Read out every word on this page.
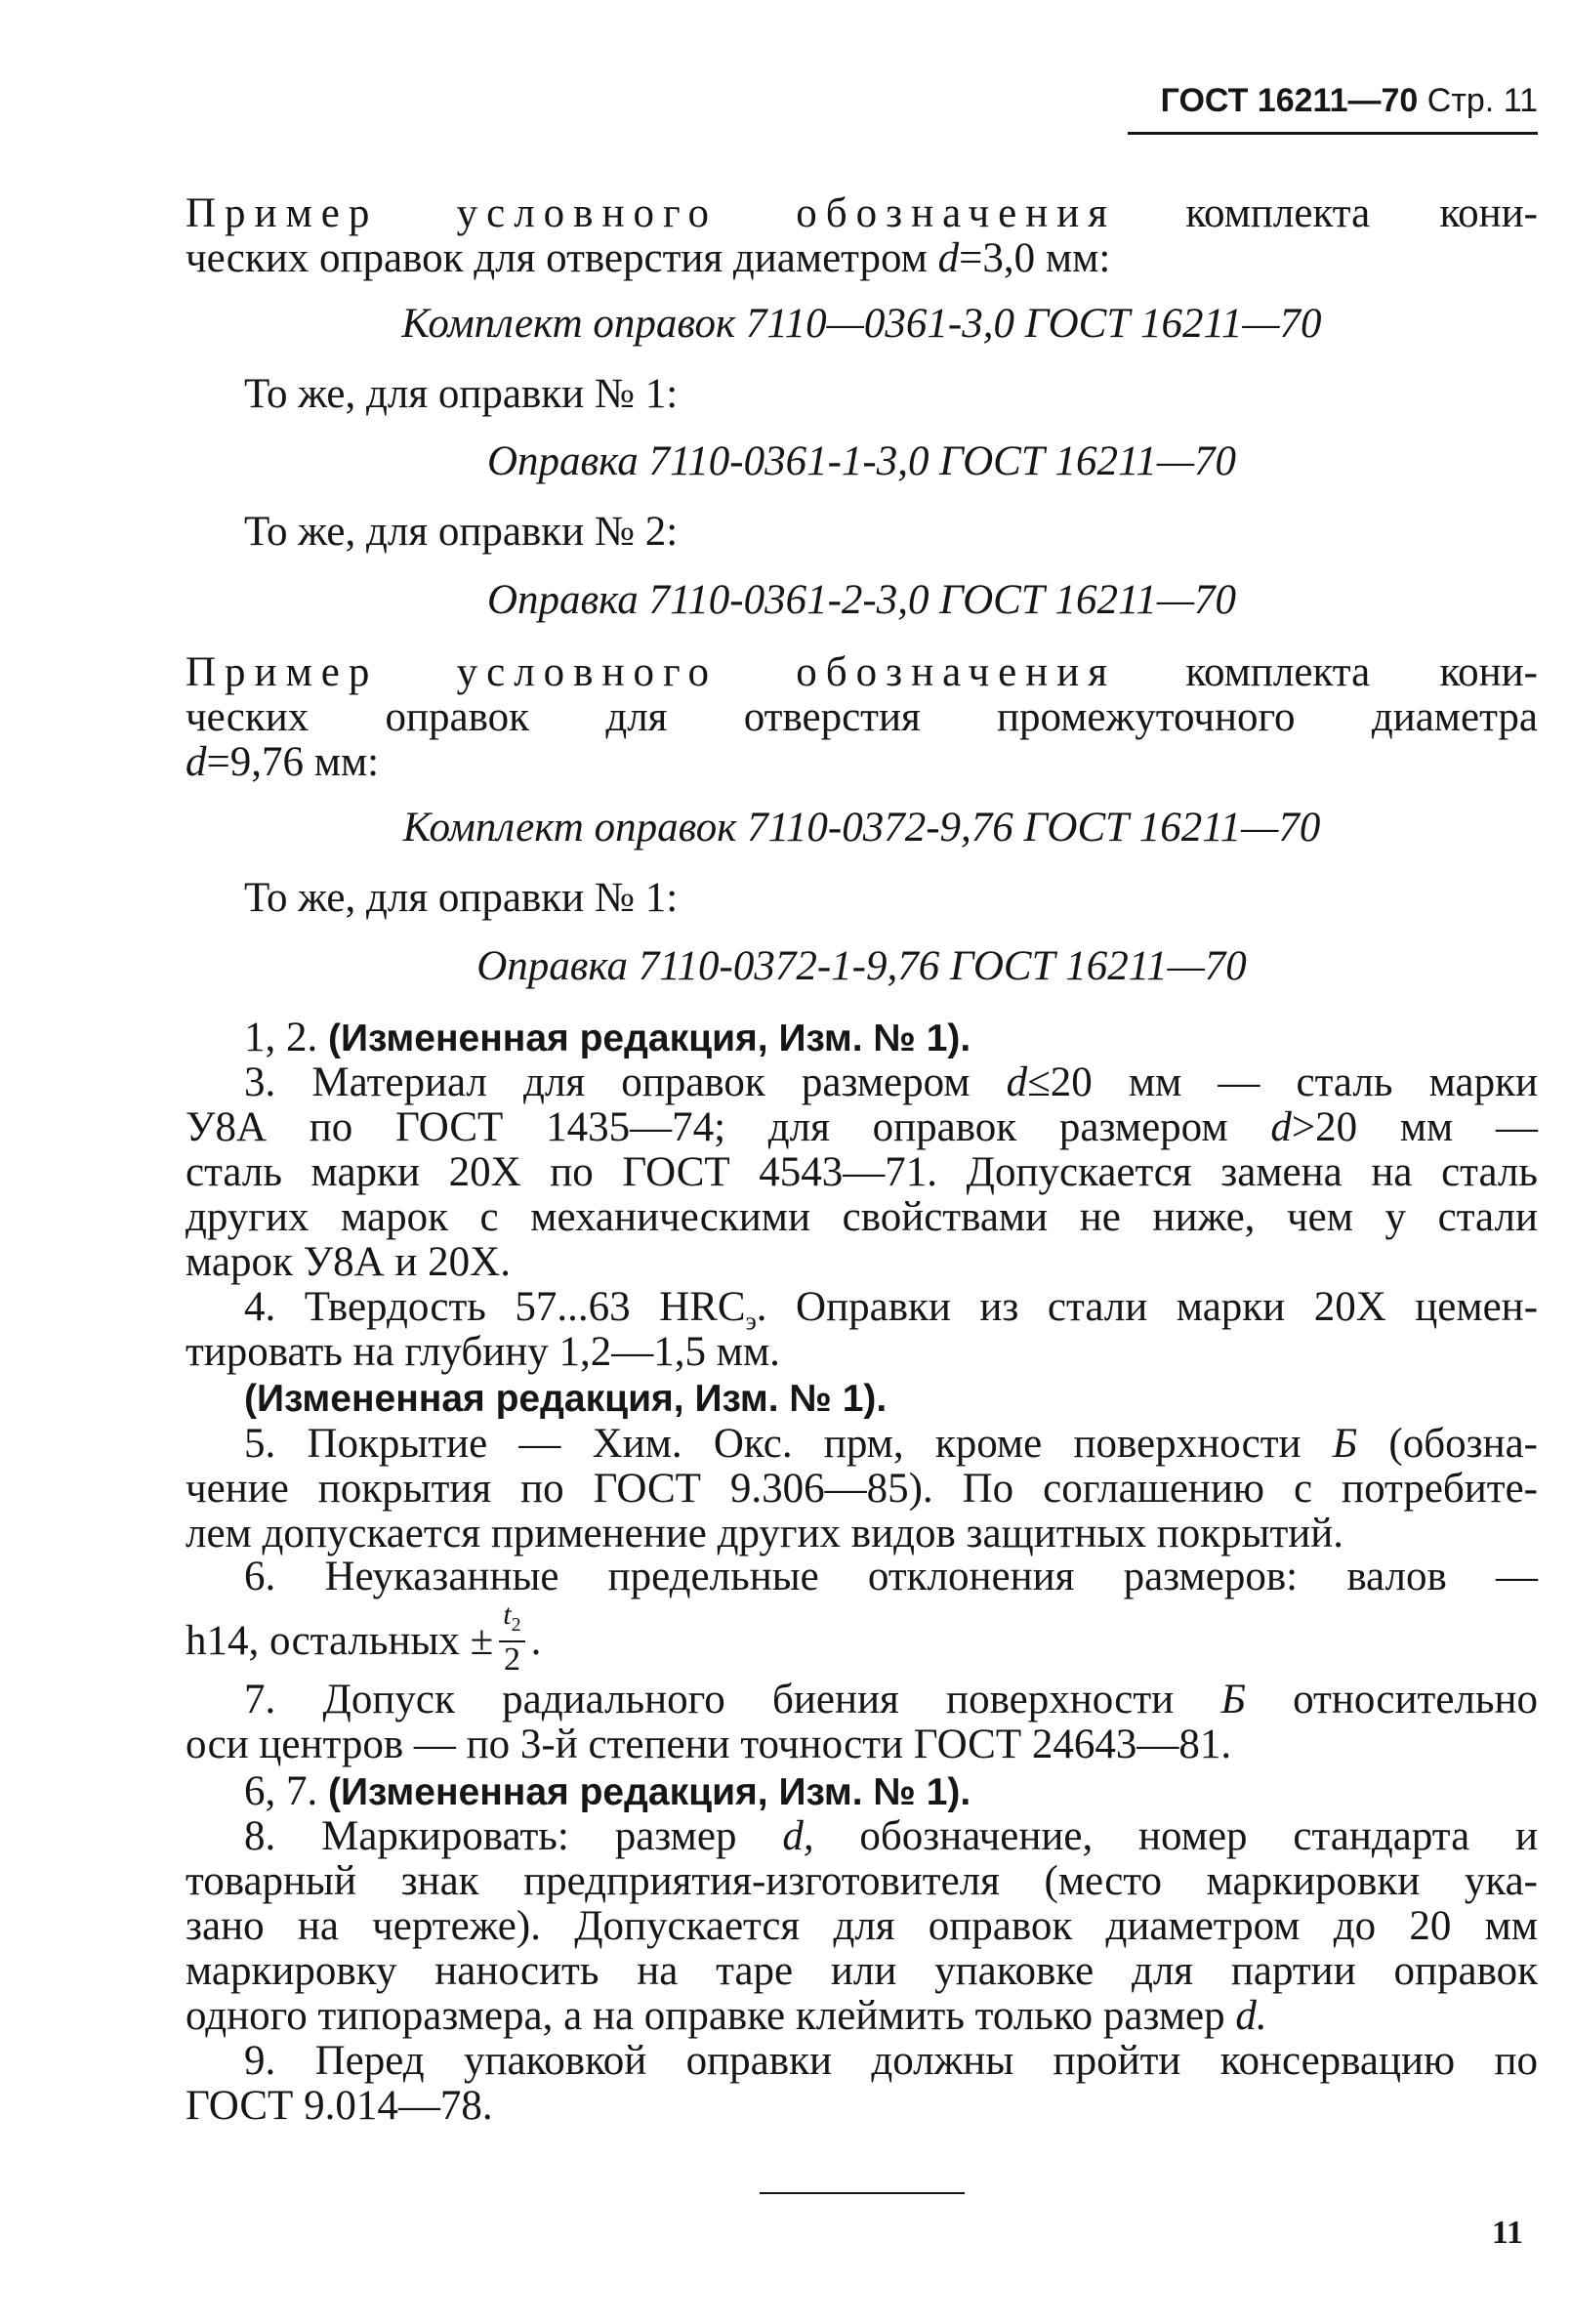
ГОСТ 16211—70 Стр. 11
Пример условного обозначения комплекта кони-
ческих оправок для отверстия диаметром d=3,0 мм:
Комплект оправок 7110—0361-3,0 ГОСТ 16211—70
То же, для оправки № 1:
Оправка 7110-0361-1-3,0 ГОСТ 16211—70
То же, для оправки № 2:
Оправка 7110-0361-2-3,0 ГОСТ 16211—70
Пример условного обозначения комплекта кони-
ческих оправок для отверстия промежуточного диаметра
d=9,76 мм:
Комплект оправок 7110-0372-9,76 ГОСТ 16211—70
То же, для оправки № 1:
Оправка 7110-0372-1-9,76 ГОСТ 16211—70
1, 2. (Измененная редакция, Изм. № 1).
3. Материал для оправок размером d≤20 мм — сталь марки
У8А по ГОСТ 1435—74; для оправок размером d>20 мм —
сталь марки 20Х по ГОСТ 4543—71. Допускается замена на сталь
других марок с механическими свойствами не ниже, чем у стали
марок У8А и 20Х.
4. Твердость 57...63 $HRC_э$. Оправки из стали марки 20Х цемен-
тировать на глубину 1,2—1,5 мм.
(Измененная редакция, Изм. № 1).
5. Покрытие — Хим. Окс. прм, кроме поверхности Б (обозна-
чение покрытия по ГОСТ 9.306—85). По соглашению с потребите-
лем допускается применение других видов защитных покрытий.
6. Неуказанные предельные отклонения размеров: валов —
h14, остальных ± $\frac{t_2}{2}$ .
7. Допуск радиального биения поверхности Б относительно
оси центров — по 3-й степени точности ГОСТ 24643—81.
6, 7. (Измененная редакция, Изм. № 1).
8. Маркировать: размер d, обозначение, номер стандарта и
товарный знак предприятия-изготовителя (место маркировки ука-
зано на чертеже). Допускается для оправок диаметром до 20 мм
маркировку наносить на таре или упаковке для партии оправок
одного типоразмера, а на оправке клеймить только размер d.
9. Перед упаковкой оправки должны пройти консервацию по
ГОСТ 9.014—78.
11
